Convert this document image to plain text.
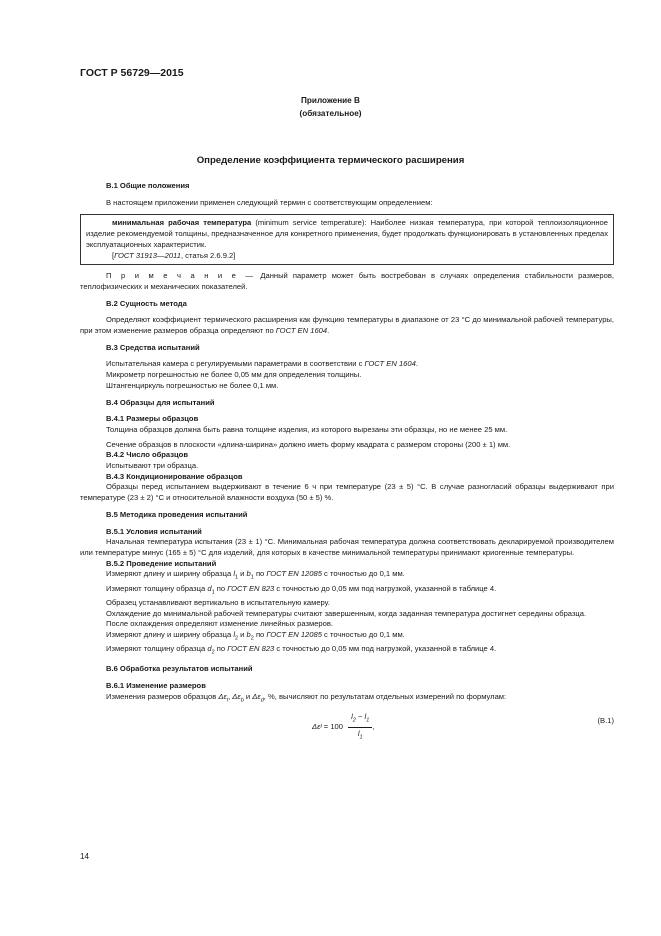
ГОСТ Р 56729—2015
Приложение В
(обязательное)
Определение коэффициента термического расширения

В.1 Общие положения

В настоящем приложении применен следующий термин с соответствующим определением:

минимальная рабочая температура (minimum service temperature): Наиболее низкая температура, при которой теплоизоляционное изделие рекомендуемой толщины, предназначенное для конкретного применения, будет продолжать функционировать в установленных пределах эксплуатационных характеристик.

[ГОСТ 31913—2011, статья 2.6.9.2]

П р и м е ч а н и е — Данный параметр может быть востребован в случаях определения стабильности размеров, теплофизических и механических показателей.

В.2 Сущность метода

Определяют коэффициент термического расширения как функцию температуры в диапазоне от 23 °С до минимальной рабочей температуры, при этом изменение размеров образца определяют по ГОСТ EN 1604.

В.3 Средства испытаний

Испытательная камера с регулируемыми параметрами в соответствии с ГОСТ EN 1604.

Микрометр погрешностью не более 0,05 мм для определения толщины.

Штангенциркуль погрешностью не более 0,1 мм.

В.4 Образцы для испытаний

В.4.1 Размеры образцов

Толщина образцов должна быть равна толщине изделия, из которого вырезаны эти образцы, но не менее 25 мм.

Сечение образцов в плоскости «длина-ширина» должно иметь форму квадрата с размером стороны (200 ± 1) мм.

В.4.2 Число образцов

Испытывают три образца.

В.4.3 Кондиционирование образцов

Образцы перед испытанием выдерживают в течение 6 ч при температуре (23 ± 5) °С. В случае разногласий образцы выдерживают при температуре (23 ± 2) °С и относительной влажности воздуха (50 ± 5) %.

В.5 Методика проведения испытаний

В.5.1 Условия испытаний

Начальная температура испытания (23 ± 1) °С. Минимальная рабочая температура должна соответствовать декларируемой производителем или температуре минус (165 ± 5) °С для изделий, для которых в качестве минимальной температуры принимают криогенные температуры.

В.5.2 Проведение испытаний

Измеряют длину и ширину образца $l_1$ и $b_1$ по ГОСТ EN 12085 с точностью до 0,1 мм.

Измеряют толщину образца $d_1$ по ГОСТ EN 823 с точностью до 0,05 мм под нагрузкой, указанной в таблице 4.

Образец устанавливают вертикально в испытательную камеру.

Охлаждение до минимальной рабочей температуры считают завершенным, когда заданная температура достигнет середины образца.

После охлаждения определяют изменение линейных размеров.

Измеряют длину и ширину образца $l_2$ и $b_2$ по ГОСТ EN 12085 с точностью до 0,1 мм.

Измеряют толщину образца $d_2$ по ГОСТ EN 823 с точностью до 0,05 мм под нагрузкой, указанной в таблице 4.

В.6 Обработка результатов испытаний

В.6.1 Изменение размеров

Изменения размеров образцов $\Delta\varepsilon_l$, $\Delta\varepsilon_b$ и $\Delta\varepsilon_d$, %, вычисляют по результатам отдельных измерений по формулам:

Δε $l = 100 \frac{l_2 - l_1}{l_1}$ ,
(В.1)
14
